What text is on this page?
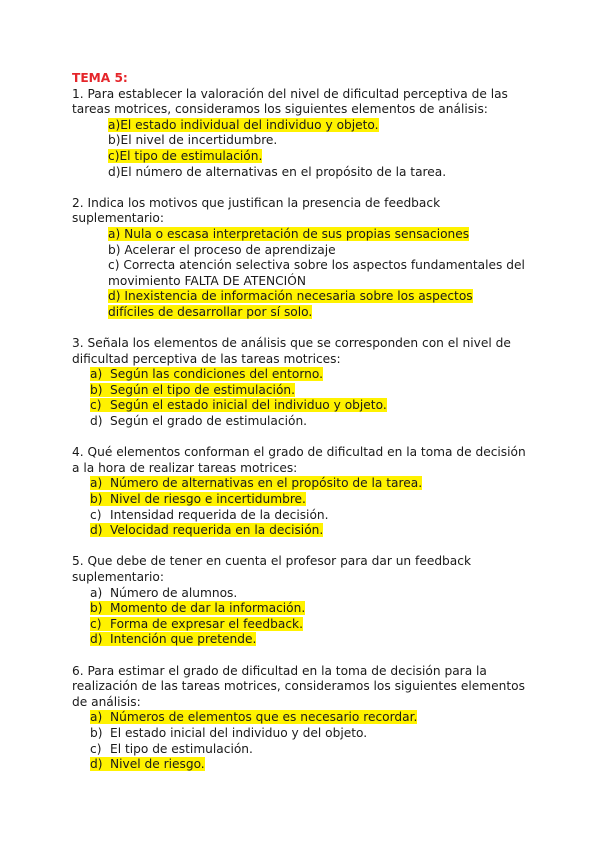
TEMA 5:
1. Para establecer la valoración del nivel de dificultad perceptiva de las tareas motrices, consideramos los siguientes elementos de análisis:
a)El estado individual del individuo y objeto.
b)El nivel de incertidumbre.
c)El tipo de estimulación.
d)El número de alternativas en el propósito de la tarea.
2. Indica los motivos que justifican la presencia de feedback suplementario:
a) Nula o escasa interpretación de sus propias sensaciones
b) Acelerar el proceso de aprendizaje
c) Correcta atención selectiva sobre los aspectos fundamentales del movimiento FALTA DE ATENCIÓN
d) Inexistencia de información necesaria sobre los aspectos difíciles de desarrollar por sí solo.
3. Señala los elementos de análisis que se corresponden con el nivel de dificultad perceptiva de las tareas motrices:
a) Según las condiciones del entorno.
b) Según el tipo de estimulación.
c) Según el estado inicial del individuo y objeto.
d) Según el grado de estimulación.
4. Qué elementos conforman el grado de dificultad en la toma de decisión a la hora de realizar tareas motrices:
a) Número de alternativas en el propósito de la tarea.
b) Nivel de riesgo e incertidumbre.
c) Intensidad requerida de la decisión.
d) Velocidad requerida en la decisión.
5. Que debe de tener en cuenta el profesor para dar un feedback suplementario:
a) Número de alumnos.
b) Momento de dar la información.
c) Forma de expresar el feedback.
d) Intención que pretende.
6. Para estimar el grado de dificultad en la toma de decisión para la realización de las tareas motrices, consideramos los siguientes elementos de análisis:
a) Números de elementos que es necesario recordar.
b) El estado inicial del individuo y del objeto.
c) El tipo de estimulación.
d) Nivel de riesgo.
